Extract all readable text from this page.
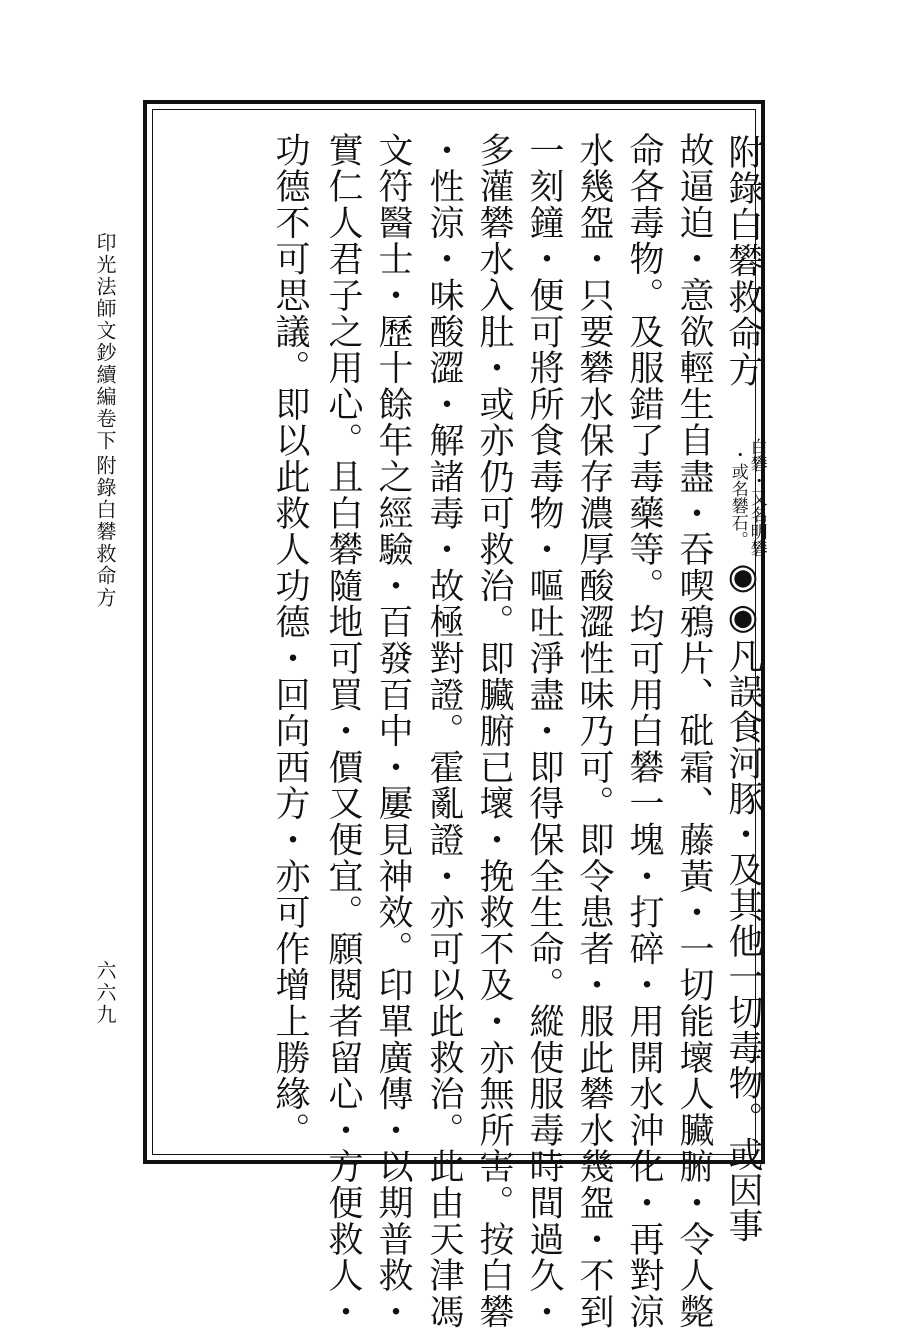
附錄白礬救命方
白礬・又名明礬
・或名礬石。
◉◉凡誤食河豚・及其他一切毒物。或因事
故逼迫・意欲輕生自盡・吞喫鴉片、砒霜、藤黃・一切能壞人臟腑・令人斃
命各毒物。及服錯了毒藥等。均可用白礬一塊・打碎・用開水沖化・再對涼
水幾盌・只要礬水保存濃厚酸澀性味乃可。即令患者・服此礬水幾盌・不到
一刻鐘・便可將所食毒物・嘔吐淨盡・即得保全生命。縱使服毒時間過久・
多灌礬水入肚・或亦仍可救治。即臟腑已壞・挽救不及・亦無所害。按白礬
・性涼・味酸澀・解諸毒・故極對證。霍亂證・亦可以此救治。此由天津馮
文符醫士・歷十餘年之經驗・百發百中・屢見神效。印單廣傳・以期普救・
實仁人君子之用心。且白礬隨地可買・價又便宜。願閱者留心・方便救人・
功德不可思議。即以此救人功德・回向西方・亦可作增上勝緣。
印光法師文鈔續編卷下
附錄白礬救命方
六六九
